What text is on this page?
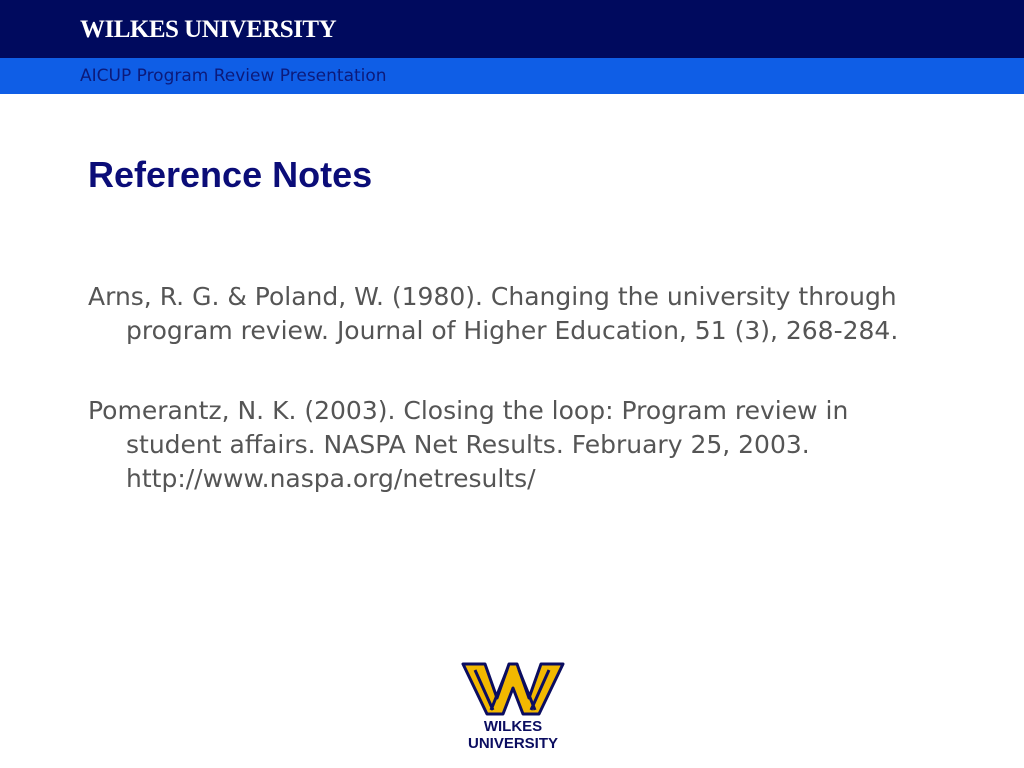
WILKES UNIVERSITY
AICUP Program Review Presentation
Reference Notes
Arns, R. G. & Poland, W. (1980). Changing the university through program review. Journal of Higher Education, 51 (3), 268-284.
Pomerantz, N. K. (2003). Closing the loop: Program review in student affairs. NASPA Net Results. February 25, 2003. http://www.naspa.org/netresults/
WILKES
UNIVERSITY
